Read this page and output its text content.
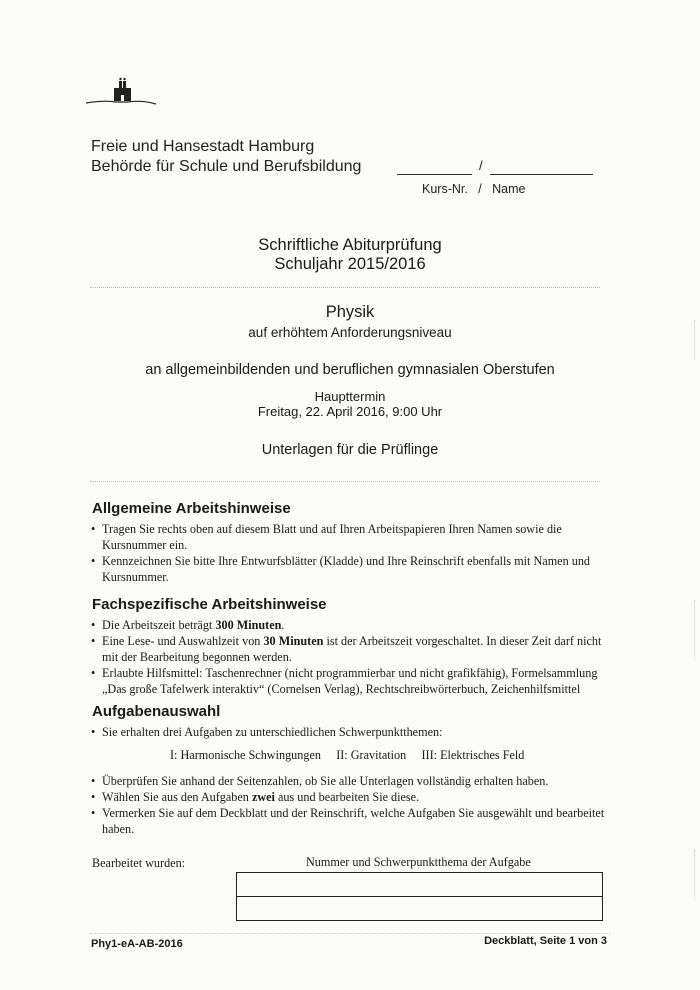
Freie und Hansestadt Hamburg
Behörde für Schule und Berufsbildung	/
Kurs-Nr.   /   Name
Schriftliche Abiturprüfung
Schuljahr 2015/2016
Physik
auf erhöhtem Anforderungsniveau
an allgemeinbildenden und beruflichen gymnasialen Oberstufen
Haupttermin
Freitag, 22. April 2016, 9:00 Uhr
Unterlagen für die Prüflinge
Allgemeine Arbeitshinweise
• Tragen Sie rechts oben auf diesem Blatt und auf Ihren Arbeitspapieren Ihren Namen sowie die Kursnummer ein.
• Kennzeichnen Sie bitte Ihre Entwurfsblätter (Kladde) und Ihre Reinschrift ebenfalls mit Namen und Kursnummer.
Fachspezifische Arbeitshinweise
• Die Arbeitszeit beträgt 300 Minuten.
• Eine Lese- und Auswahlzeit von 30 Minuten ist der Arbeitszeit vorgeschaltet. In dieser Zeit darf nicht mit der Bearbeitung begonnen werden.
• Erlaubte Hilfsmittel: Taschenrechner (nicht programmierbar und nicht grafikfähig), Formelsammlung „Das große Tafelwerk interaktiv“ (Cornelsen Verlag), Rechtschreibwörterbuch, Zeichenhilfsmittel
Aufgabenauswahl
• Sie erhalten drei Aufgaben zu unterschiedlichen Schwerpunktthemen:
I: Harmonische Schwingungen     II: Gravitation     III: Elektrisches Feld
• Überprüfen Sie anhand der Seitenzahlen, ob Sie alle Unterlagen vollständig erhalten haben.
• Wählen Sie aus den Aufgaben zwei aus und bearbeiten Sie diese.
• Vermerken Sie auf dem Deckblatt und der Reinschrift, welche Aufgaben Sie ausgewählt und bearbeitet haben.
Bearbeitet wurden:	Nummer und Schwerpunktthema der Aufgabe
Phy1-eA-AB-2016	Deckblatt, Seite 1 von 3
